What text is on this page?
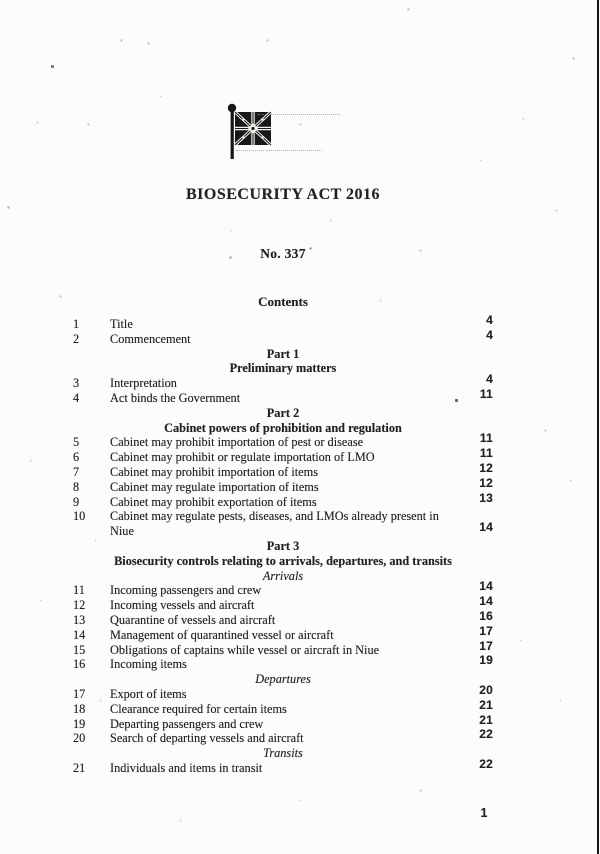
BIOSECURITY ACT 2016
No. 337
Contents
1	Title	4
2	Commencement	4
Part 1
Preliminary matters
3	Interpretation	4
4	Act binds the Government	11
Part 2
Cabinet powers of prohibition and regulation
5	Cabinet may prohibit importation of pest or disease	11
6	Cabinet may prohibit or regulate importation of LMO	11
7	Cabinet may prohibit importation of items	12
8	Cabinet may regulate importation of items	12
9	Cabinet may prohibit exportation of items	13
10	Cabinet may regulate pests, diseases, and LMOs already present in
Niue	14
Part 3
Biosecurity controls relating to arrivals, departures, and transits
Arrivals
11	Incoming passengers and crew	14
12	Incoming vessels and aircraft	14
13	Quarantine of vessels and aircraft	16
14	Management of quarantined vessel or aircraft	17
15	Obligations of captains while vessel or aircraft in Niue	17
16	Incoming items	19
Departures
17	Export of items	20
18	Clearance required for certain items	21
19	Departing passengers and crew	21
20	Search of departing vessels and aircraft	22
Transits
21	Individuals and items in transit	22
1
